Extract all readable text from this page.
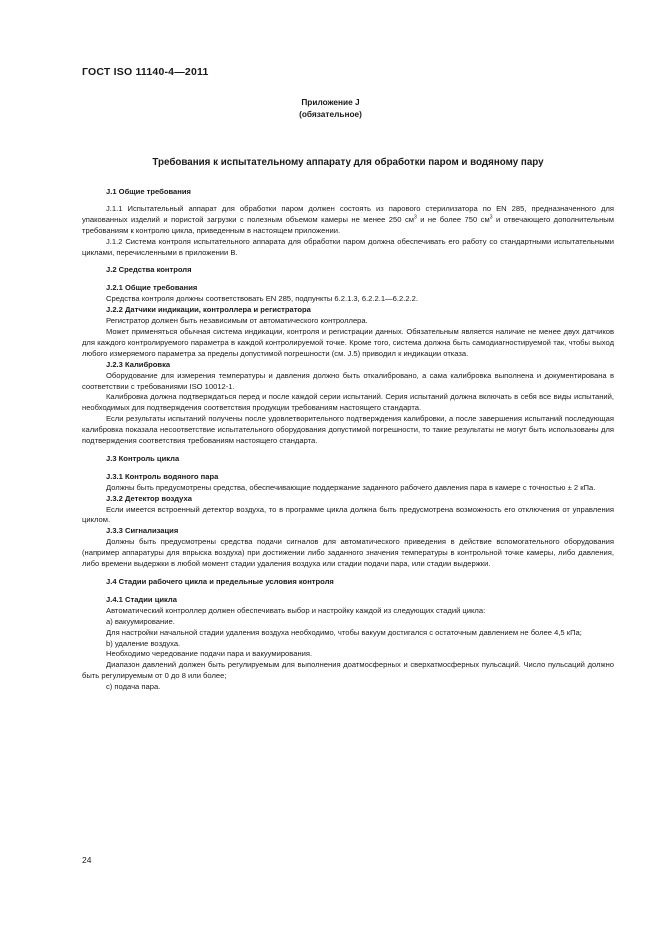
ГОСТ ISO 11140-4—2011
Приложение J
(обязательное)
Требования к испытательному аппарату для обработки паром и водяному пару

J.1 Общие требования

J.1.1 Испытательный аппарат для обработки паром должен состоять из парового стерилизатора по EN 285, предназначенного для упакованных изделий и пористой загрузки с полезным объемом камеры не менее 250 $см^3$ и не более 750 $см^3$ и отвечающего дополнительным требованиям к контролю цикла, приведенным в настоящем приложении.

J.1.2 Система контроля испытательного аппарата для обработки паром должна обеспечивать его работу со стандартными испытательными циклами, перечисленными в приложении B.

J.2 Средства контроля

J.2.1 Общие требования

Средства контроля должны соответствовать EN 285, подпункты 6.2.1.3, 6.2.2.1—6.2.2.2.

J.2.2 Датчики индикации, контроллера и регистратора

Регистратор должен быть независимым от автоматического контроллера.

Может применяться обычная система индикации, контроля и регистрации данных. Обязательным является наличие не менее двух датчиков для каждого контролируемого параметра в каждой контролируемой точке. Кроме того, система должна быть самодиагностируемой так, чтобы выход любого измеряемого параметра за пределы допустимой погрешности (см. J.5) приводил к индикации отказа.

J.2.3 Калибровка

Оборудование для измерения температуры и давления должно быть откалибровано, а сама калибровка выполнена и документирована в соответствии с требованиями ISO 10012-1.

Калибровка должна подтверждаться перед и после каждой серии испытаний. Серия испытаний должна включать в себя все виды испытаний, необходимых для подтверждения соответствия продукции требованиям настоящего стандарта.

Если результаты испытаний получены после удовлетворительного подтверждения калибровки, а после завершения испытаний последующая калибровка показала несоответствие испытательного оборудования допустимой погрешности, то такие результаты не могут быть использованы для подтверждения соответствия требованиям настоящего стандарта.

J.3 Контроль цикла

J.3.1 Контроль водяного пара

Должны быть предусмотрены средства, обеспечивающие поддержание заданного рабочего давления пара в камере с точностью ± 2 кПа.

J.3.2 Детектор воздуха

Если имеется встроенный детектор воздуха, то в программе цикла должна быть предусмотрена возможность его отключения от управления циклом.

J.3.3 Сигнализация

Должны быть предусмотрены средства подачи сигналов для автоматического приведения в действие вспомогательного оборудования (например аппаратуры для впрыска воздуха) при достижении либо заданного значения температуры в контрольной точке камеры, либо давления, либо времени выдержки в любой момент стадии удаления воздуха или стадии подачи пара, или стадии выдержки.

J.4 Стадии рабочего цикла и предельные условия контроля

J.4.1 Стадии цикла

Автоматический контроллер должен обеспечивать выбор и настройку каждой из следующих стадий цикла:

а) вакуумирование.

Для настройки начальной стадии удаления воздуха необходимо, чтобы вакуум достигался с остаточным давлением не более 4,5 кПа;

b) удаление воздуха.

Необходимо чередование подачи пара и вакуумирования.

Диапазон давлений должен быть регулируемым для выполнения доатмосферных и сверхатмосферных пульсаций. Число пульсаций должно быть регулируемым от 0 до 8 или более;

с) подача пара.

24
